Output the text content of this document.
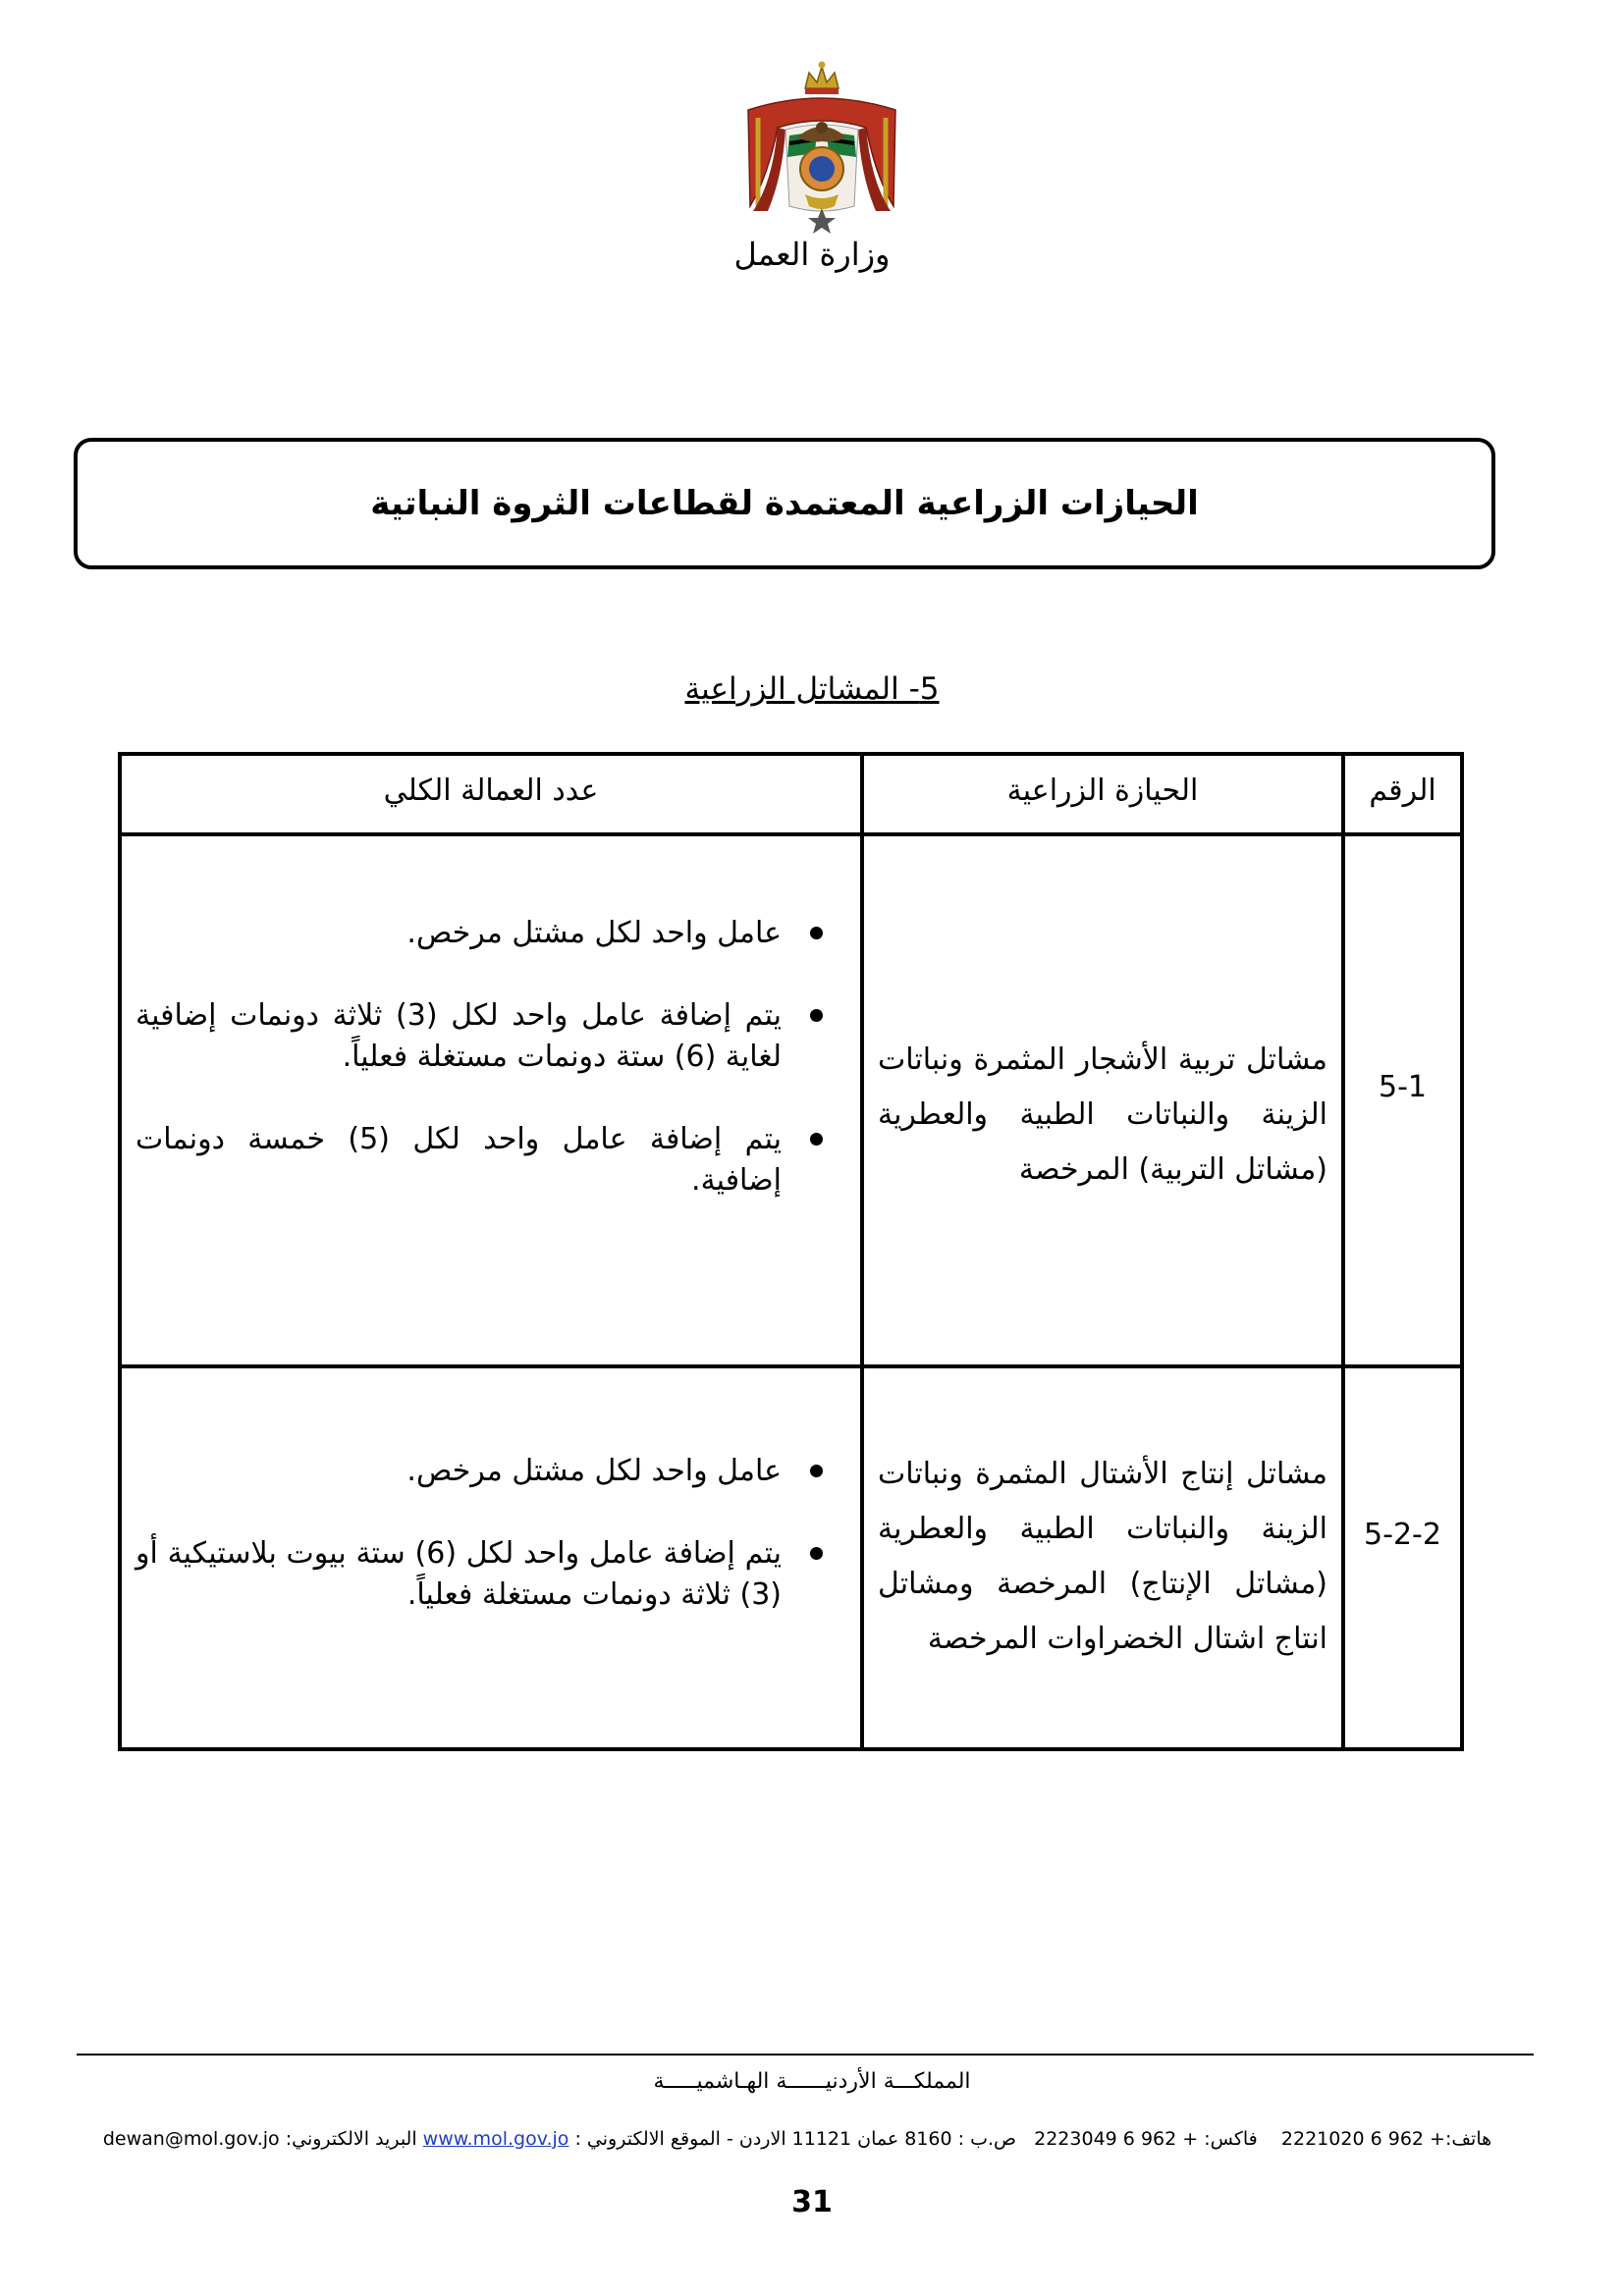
وزارة العمل
الحيازات الزراعية المعتمدة لقطاعات الثروة النباتية
5- المشاتل الزراعية
الرقم
الحيازة الزراعية
عدد العمالة الكلي
5-1
مشاتل تربية الأشجار المثمرة ونباتات الزينة والنباتات الطبية والعطرية (مشاتل التربية) المرخصة
عامل واحد لكل مشتل مرخص.
يتم إضافة عامل واحد لكل (3) ثلاثة دونمات إضافية لغاية (6) ستة دونمات مستغلة فعلياً.
يتم إضافة عامل واحد لكل (5) خمسة دونمات إضافية.
5-2-2
مشاتل إنتاج الأشتال المثمرة ونباتات الزينة والنباتات الطبية والعطرية (مشاتل الإنتاج) المرخصة ومشاتل انتاج اشتال الخضراوات المرخصة
عامل واحد لكل مشتل مرخص.
يتم إضافة عامل واحد لكل (6) ستة بيوت بلاستيكية أو (3) ثلاثة دونمات مستغلة فعلياً.
المملكـــة الأردنيــــــة الهـاشميـــــة
هاتف:+ 962 6 2221020    فاكس: + 962 6 2223049   ص.ب : 8160 عمان 11121 الاردن - الموقع الالكتروني : www.mol.gov.jo البريد الالكتروني: dewan@mol.gov.jo
31
